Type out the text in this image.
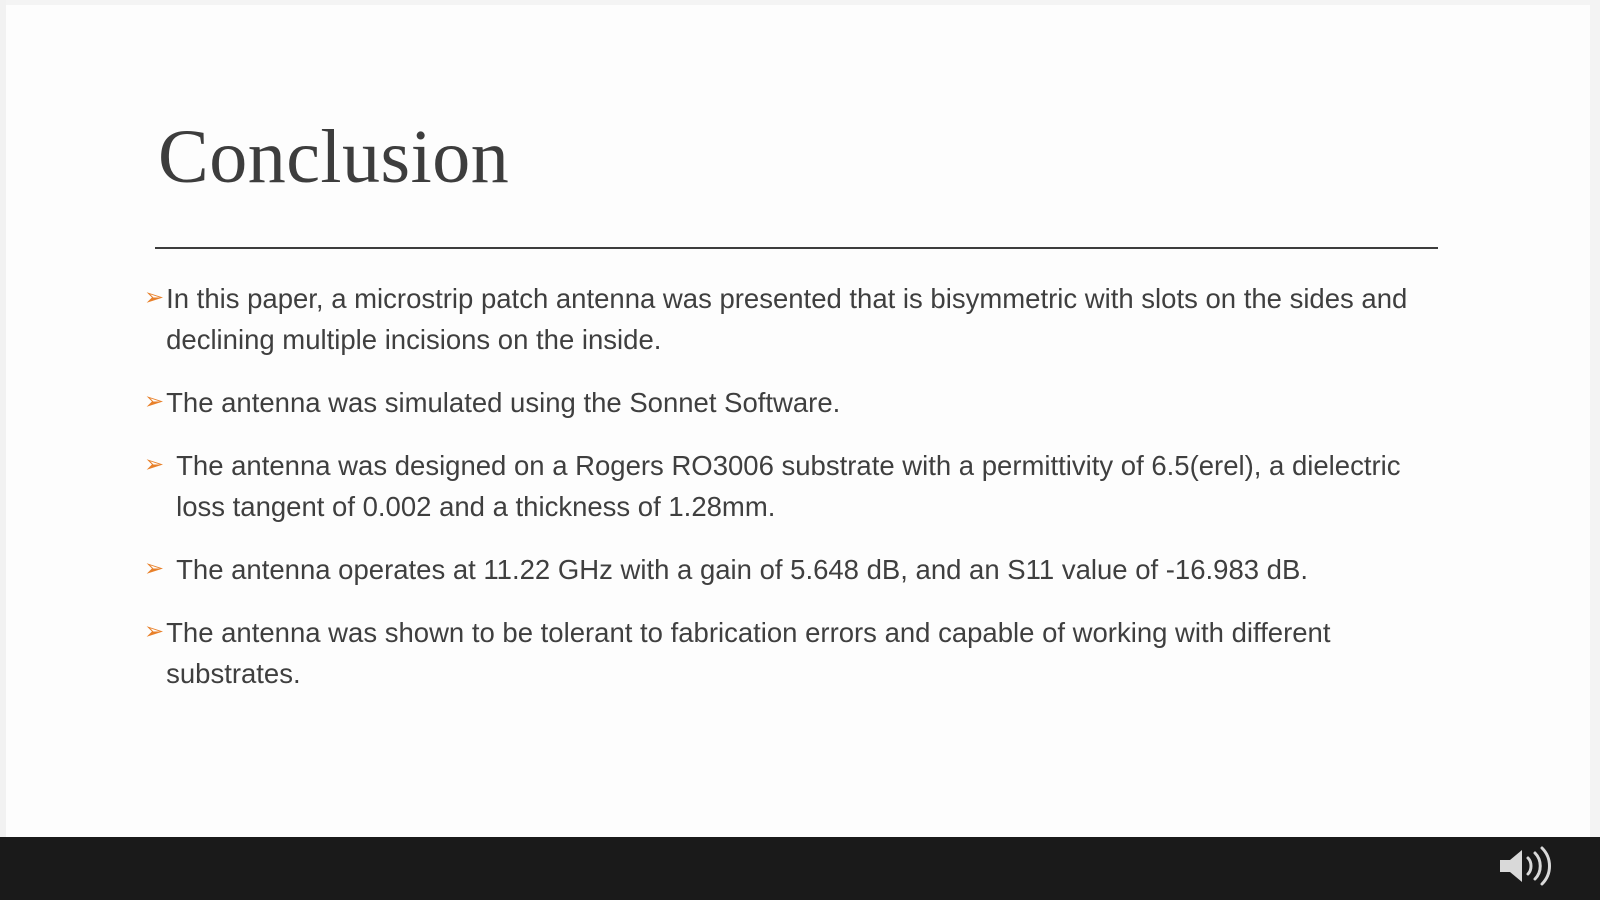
Conclusion
➢ In this paper, a microstrip patch antenna was presented that is bisymmetric with slots on the sides and declining multiple incisions on the inside.
➢ The antenna was simulated using the Sonnet Software.
➢ The antenna was designed on a Rogers RO3006 substrate with a permittivity of 6.5(erel), a dielectric loss tangent of 0.002 and a thickness of 1.28mm.
➢ The antenna operates at 11.22 GHz with a gain of 5.648 dB, and an S11 value of -16.983 dB.
➢ The antenna was shown to be tolerant to fabrication errors and capable of working with different substrates.
